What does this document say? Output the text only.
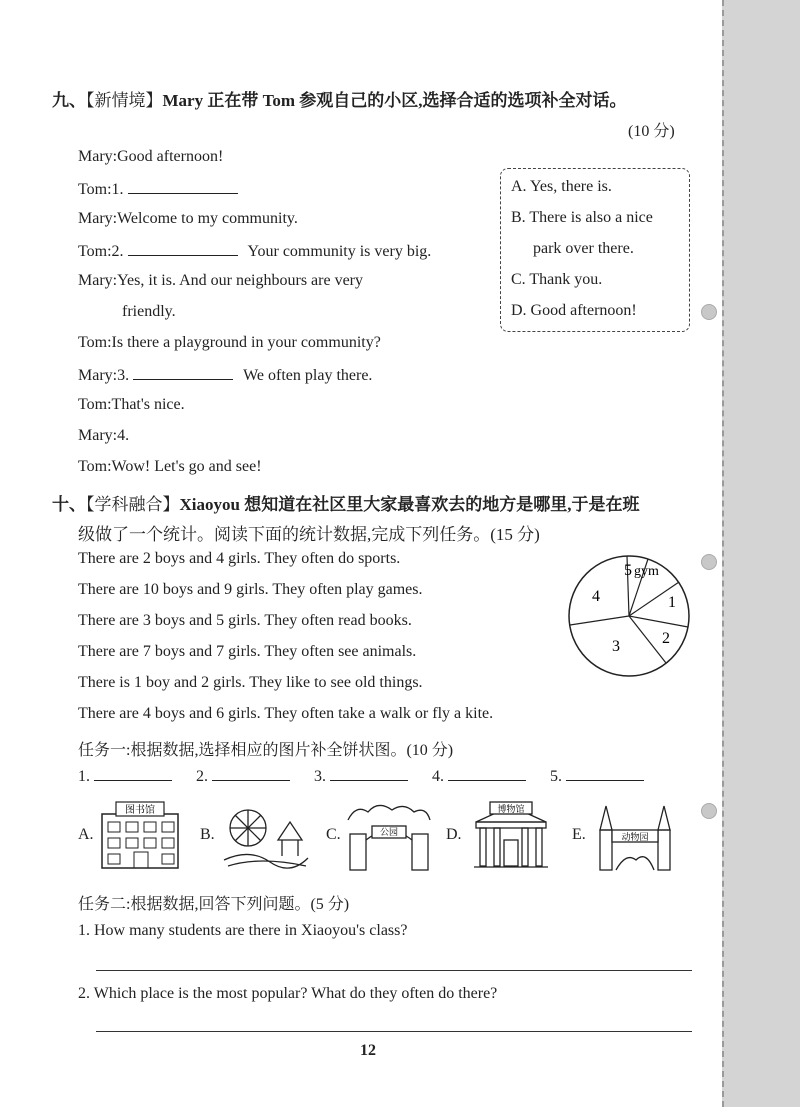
九、【新情境】Mary 正在带 Tom 参观自己的小区,选择合适的选项补全对话。
(10 分)
Mary:Good afternoon!
Tom:1.
Mary:Welcome to my community.
Tom:2.	Your community is very big.
Mary:Yes, it is. And our neighbours are very
friendly.
Tom:Is there a playground in your community?
Mary:3.	We often play there.
Tom:That's nice.
Mary:4.
Tom:Wow! Let's go and see!
A. Yes, there is.
B. There is also a nice
park over there.
C. Thank you.
D. Good afternoon!
十、【学科融合】Xiaoyou 想知道在社区里大家最喜欢去的地方是哪里,于是在班
级做了一个统计。阅读下面的统计数据,完成下列任务。(15 分)
There are 2 boys and 4 girls. They often do sports.
There are 10 boys and 9 girls. They often play games.
There are 3 boys and 5 girls. They often read books.
There are 7 boys and 7 girls. They often see animals.
There is 1 boy and 2 girls. They like to see old things.
There are 4 boys and 6 girls. They often take a walk or fly a kite.
5 gym
1
2
3
4
任务一:根据数据,选择相应的图片补全饼状图。(10 分)
1.	2.	3.	4.	5.
A.
图书馆
B.	C.	公园	D.
博物馆
E.	动物园
任务二:根据数据,回答下列问题。(5 分)
1. How many students are there in Xiaoyou's class?
2. Which place is the most popular? What do they often do there?
12
